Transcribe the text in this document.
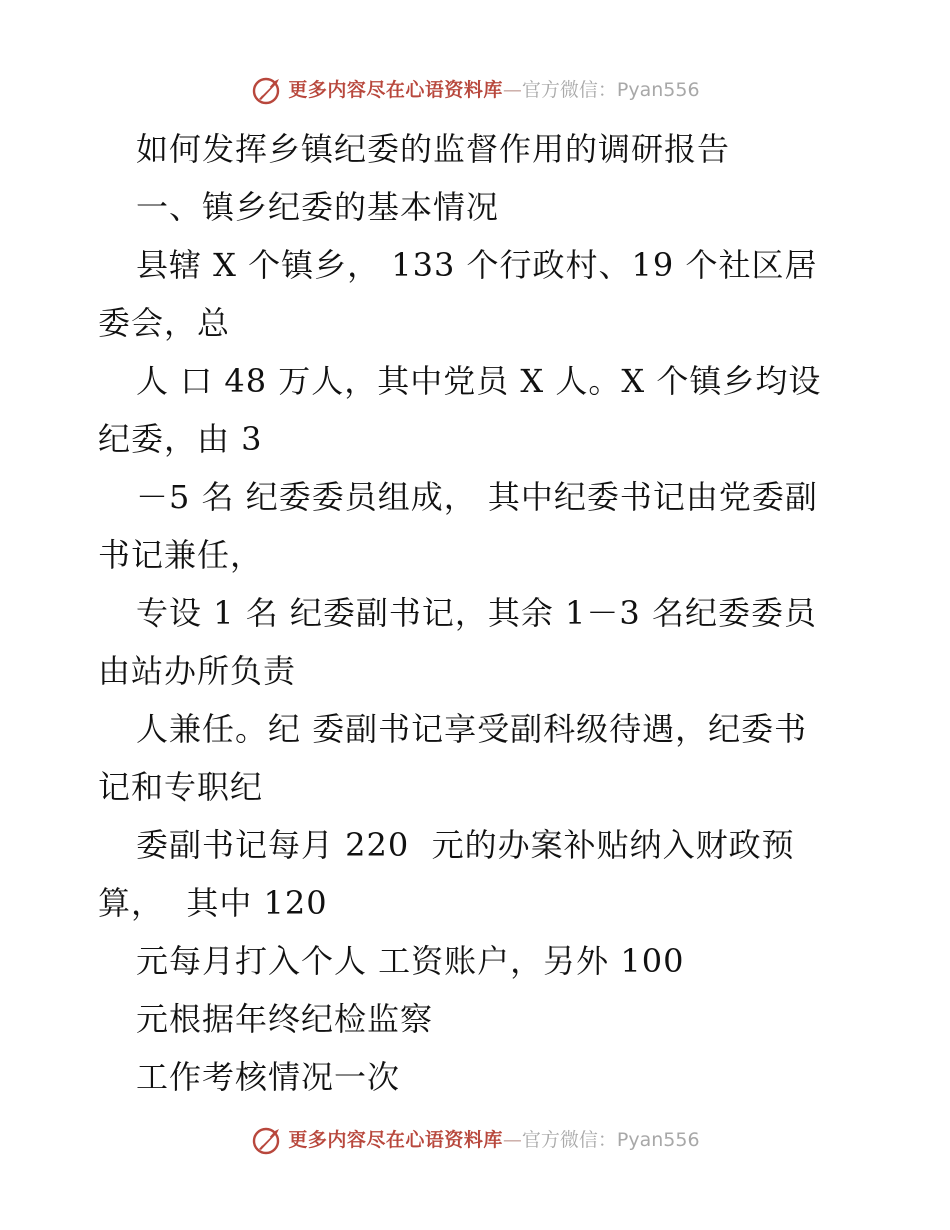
更多内容尽在心语资料库 — 官方微信：Pyan556
如何发挥乡镇纪委的监督作用的调研报告
一、镇乡纪委的基本情况
县辖 X 个镇乡， 133 个行政村、19 个社区居
委会，总
人 口 48 万人，其中党员 X 人。X 个镇乡均设
纪委，由 3
－5 名 纪委委员组成， 其中纪委书记由党委副
书记兼任，
专设 1 名 纪委副书记，其余 1－3 名纪委委员
由站办所负责
人兼任。纪 委副书记享受副科级待遇，纪委书
记和专职纪
委副书记每月 220  元的办案补贴纳入财政预
算，  其中 120
元每月打入个人 工资账户，另外 100
元根据年终纪检监察
工作考核情况一次
更多内容尽在心语资料库 — 官方微信：Pyan556
